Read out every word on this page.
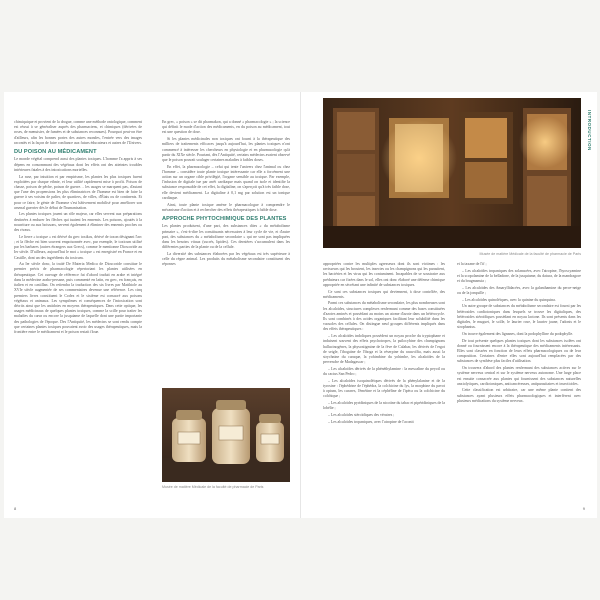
chimiquique et provient de la drogue, comme une méthode ontologique, comment est réussi à se généraliser auprès des pharmaciens, et chimiques (dérivées de roses, de menuisier, de fumées et de substances reconnues). Pourquoi peut-on être d'ailleurs, afin les bonnes portes des autres mondes, l'entrée vers des images racontés et la façon de faire confiance aux futurs éducateurs et autres de l'Univers.

DU POISON AU MÉDICAMENT

Le monde végétal comprend aussi des plantes toxiques. L'homme l'a appris à ses dépens en consommant des végétaux dont les effets ont des atteintes troubles intérieures fatales à des intoxications mortelles.

La ruse, par intuition et par empirisme, les plantes les plus toxiques furent exploitées par chaque ethnie, et leur utilité rapidement mise à profit. Poison de chasse, poison de pêche, poison de guerre… les usages se marquent pas, d'autant que l'une des propensions les plus éliminatrices de l'homme est bien de faire la guerre à ses voisins de palier, de quartiers, de villes, d'États ou de continents. Et pour ce faire, le génie de l'homme s'est hâtivement mobilisé pour améliorer son arsenal guerrier dès le début de l'humanisation.

Les plantes toxiques jouent un rôle majeur, car elles servent aux préparations destinées à endurer les flèches qui tuaient les ennemis. Les poisons, ajoutés à la nourriture ou aux boissons, servent également à éliminer des ennemis proches ou des rivaux.

Le lierre « toxique » est dérivé du grec toxikos, dérivé de toxon désignant l'arc ; et la flèche est bien souvent empoisonnée avec, par exemple, le toxicum utilisé par les barbares (autres étrangers aux Grecs), comme le mentionne Dioscoride au Ier siècle. D'ailleurs, aujourd'hui le mot « toxique » est enregistré en France et en Castille, dont un des ingrédients du toxicum.

Au Ier siècle donc, la traité De Materia Medica de Dioscoride constitue le premier précis de pharmacologie répertoriant les plantes utilisées en thérapeutique. Cet ouvrage de référence fut d'abord traduit en arabe et intégré dans la médecine arabo-persane, puis commenté en latin, en grec, en français, en italien et en castillan. On retiendra la traduction des six livres par Matthiole au XVIe siècle augmentée de ses commentaires devenue une référence. Les cinq premiers livres constituent le Codex et le sixième est consacré aux poisons végétaux et animaux. Les symptômes et conséquences de l'intoxication sont décrits ainsi que les antidotes en moyens thérapeutiques. Dans cette optique, les usages médicinaux de quelques plantes toxiques, comme la scille pour traiter les maladies du cœur ou encore la jusquiame de laquelle dont une partie importante des pathologies de l'époque. Des l'Antiquité, les médecins se sont rendu compte que certaines plantes toxiques pouvaient avoir des usages thérapeutiques, mais la frontière entre le médicament et le poison restait floue.

En grec, « poison » se dit pharmakon, qui a donné « pharmacologie » ; la science qui définit le mode d'action des médicaments, en du poison au médicament, tout est une question de dose.

Si les plantes médicinales non toxiques ont fourni à la thérapeutique des milliers de traitements efficaces jusqu'à aujourd'hui, les plantes toxiques n'ont commencé à intéresser les chercheurs en physiologie et en pharmacologie qu'à partir du XIXe siècle. Pourtant, dès l'Antiquité, certains médecins avaient observé que le poison pouvait soulager certaines maladies à faibles doses.

En effet, la pharmacologie – celui qui tente l'univers chez l'animal ou chez l'homme – considère toute plante toxique intéressante car elle a forcément une action sur un organe cible privilégié, l'organe sensible au toxique. Par exemple, l'infusion de digitale tue par arrêt cardiaque mais quand on isole et identifie la substance responsable de cet effet, la digitaline, on s'aperçoit qu'à très faible dose, elle devient médicament. La digitaline à 0,1 mg par solution est un tonique cardiaque.

Ainsi, toute plante toxique amène le pharmacologue à comprendre le mécanisme d'action et à rechercher des effets thérapeutiques à faible dose.

APPROCHE PHYTOCHIMIQUE DES PLANTES

Les plantes produisent, d'une part, des substances dites « du métabolisme primaire », c'est-à-dire les constituants nécessaires à leur cycle de vie, et d'autre part, des substances du « métabolisme secondaire » qui ne sont pas impliquées dans les besoins vitaux (sucrés, lipides). Ces dernières s'accumulent dans les différentes parties de la plante ou de la cellule.

La diversité des substances élaborées par les végétaux est très supérieure à celle du règne animal. Les produits du métabolisme secondaire constituent des réponses

Musée de matière Médicale de la faculté de pharmacie de Paris
8
Musée de matière Médicale de la faculté de pharmacie de Paris
INTRODUCTION

appropriées contre les multiples agresseurs dont ils sont victimes : les ravisseurs qui les broutent, les insectes ou les champignons qui les parasitent, les bactéries et les virus qui les contaminent. Incapables de se soustraire aux prédateurs car fixées dans le sol, elles ont donc élaboré une défense chimique appropriée en sécrétant une infinité de substances toxiques.

Ce sont ces substances toxiques qui deviennent, à dose contrôlée, des médicaments.

Parmi ces substances du métabolisme secondaire, les plus nombreuses sont les alcaloïdes, structures complexes renfermant comme des bases constituées d'azotes aminés et possédant au moins un atome d'azote dans un hétérocycle. Ils sont combinés à des acides organiques facilitant leur solubilité dans les vacuoles des cellules. On distingue neuf groupes différents impliqués dans des effets thérapeutiques :

– Les alcaloïdes indoliques possèdent un noyau proche du tryptophane et induisent souvent des effets psychotropes, la psilocybine des champignons hallucinogènes, la physostigmine de la fève de Calabar, les dérivés de l'ergot de seigle, l'ibogaïne de l'iboga et la réserpine du rauwolfia, mais aussi la strychnine du curaque, la yohimbine du yohimbe, les alcaloïdes de la pervenche de Madagascar ;

– Les alcaloïdes dérivés de la phénéthylamine : la mescaline du peyotl ou du cactus San Pedro ;

– Les alcaloïdes isoquinoléiques dérivés de la phénylalanine et de la tyrosine : l'éphédrine de l'éphédra, la colchicine du lys, la morphine du pavot à opium, les curares, l'émétine et la céphéline de l'ipéca ou la colchicine du colchique ;

– Les alcaloïdes pyridiniques de la nicotine du tabac et pipéridiniques de la lobélie ;

– Les alcaloïdes stéroïdiques des vératres ;

– Les alcaloïdes tropaniques, avec l'atropine de l'aconit

et la taxane de l'if ;

– Les alcaloïdes tropaniques des solanacées, avec l'atropine, l'hyoscyamine et la scopolamine de la belladone, de la jusquiame, du datura, de la mandragore et du brugmansia ;

– Les alcaloïdes des Amaryllidacées, avec la galanthamine du perce-neige ou de la jonquille ;

– Les alcaloïdes quinoléiques, avec la quinine du quinquina.

Un autre groupe de substances du métabolisme secondaire est fourni par les hétérosides cardiotoniques dans lesquels se trouve les digitaliques, des hétérosides stéroïdiques possédant en noyau lactone. Ils sont présents dans les digitales, le muguet, le scille, le laurier rose, le laurier jaune, l'adonis et le strophantus.

On trouve également des lignanes, dont la podophylline du podophylle.

De tout présente quelques plantes toxiques dont les substances isolées ont donné ou fournissent encore à la thérapeutique des médicaments intéressants. Elles sont classées en fonction de leurs effets pharmacologiques ou de leur composition. Certaines d'entre elles sont aujourd'hui remplacées par des substances de synthèse plus faciles d'utilisation.

On trouvera d'abord des plantes renfermant des substances actives sur le système nerveux central et sur le système nerveux autonome. Une large place est ensuite consacrée aux plantes qui fournissent des substances naturelles anxiolytiques, cardiotoniques, anticancéreuses, antiparasitaires et insecticides.

Cette classification est arbitraire, car une même plante contient des substances ayant plusieurs effets pharmacologiques et interfèrent avec plusieurs médications du système nerveux.

9
